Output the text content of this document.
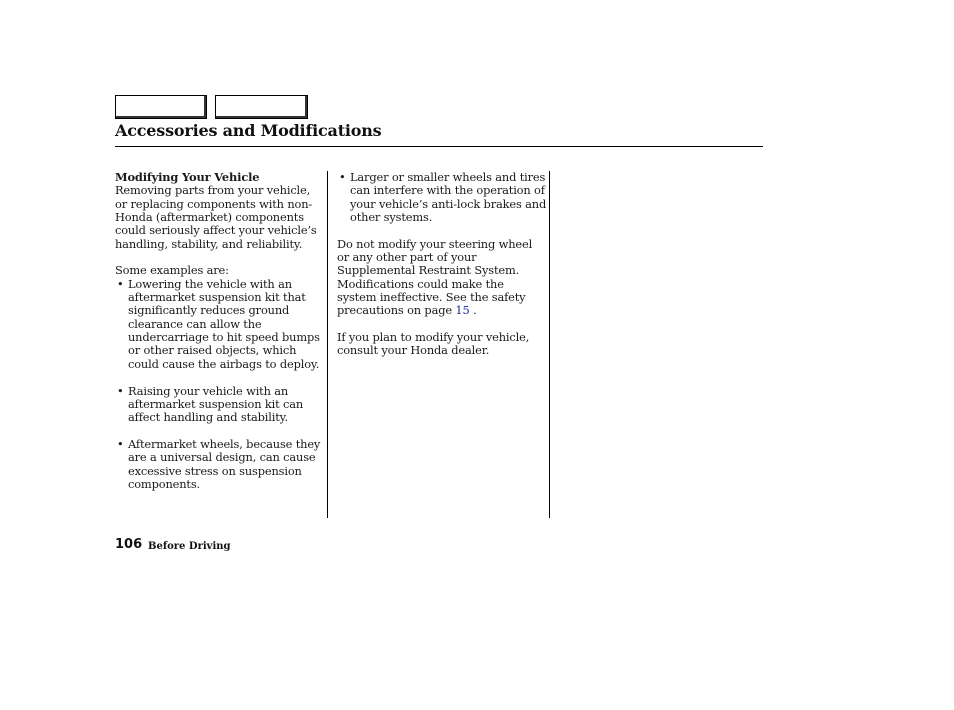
Accessories and Modifications
Modifying Your Vehicle

Removing parts from your vehicle,
or replacing components with non-
Honda (aftermarket) components
could seriously affect your vehicle’s
handling, stability, and reliability.

Some examples are:

• Lowering the vehicle with an
aftermarket suspension kit that
significantly reduces ground
clearance can allow the
undercarriage to hit speed bumps
or other raised objects, which
could cause the airbags to deploy.
• Raising your vehicle with an
aftermarket suspension kit can
affect handling and stability.
• Aftermarket wheels, because they
are a universal design, can cause
excessive stress on suspension
components.
• Larger or smaller wheels and tires
can interfere with the operation of
your vehicle’s anti-lock brakes and
other systems.

Do not modify your steering wheel
or any other part of your
Supplemental Restraint System.
Modifications could make the
system ineffective. See the safety
precautions on page 15 .

If you plan to modify your vehicle,
consult your Honda dealer.

106 Before Driving
